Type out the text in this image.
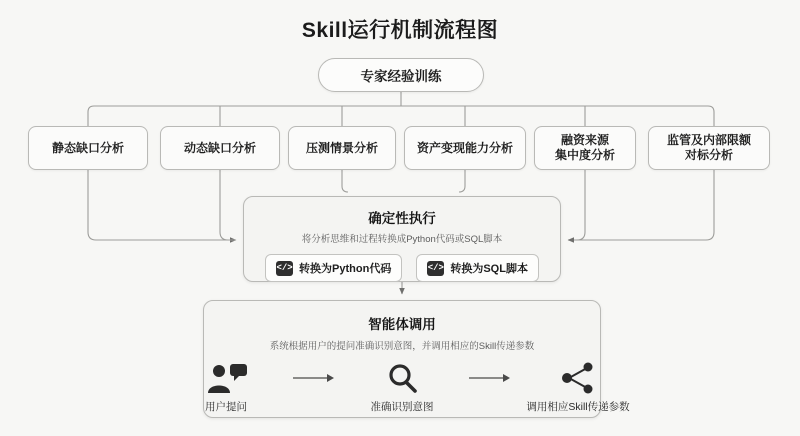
Skill运行机制流程图
专家经验训练
静态缺口分析	动态缺口分析	压测情景分析	资产变现能力分析
融资来源
集中度分析
监管及内部限额
对标分析
确定性执行
将分析思维和过程转换成Python代码或SQL脚本
</> 转换为Python代码	</> 转换为SQL脚本
智能体调用
系统根据用户的提问准确识别意图，并调用相应的Skill传递参数
用户提问	准确识别意图	调用相应Skill传递参数
